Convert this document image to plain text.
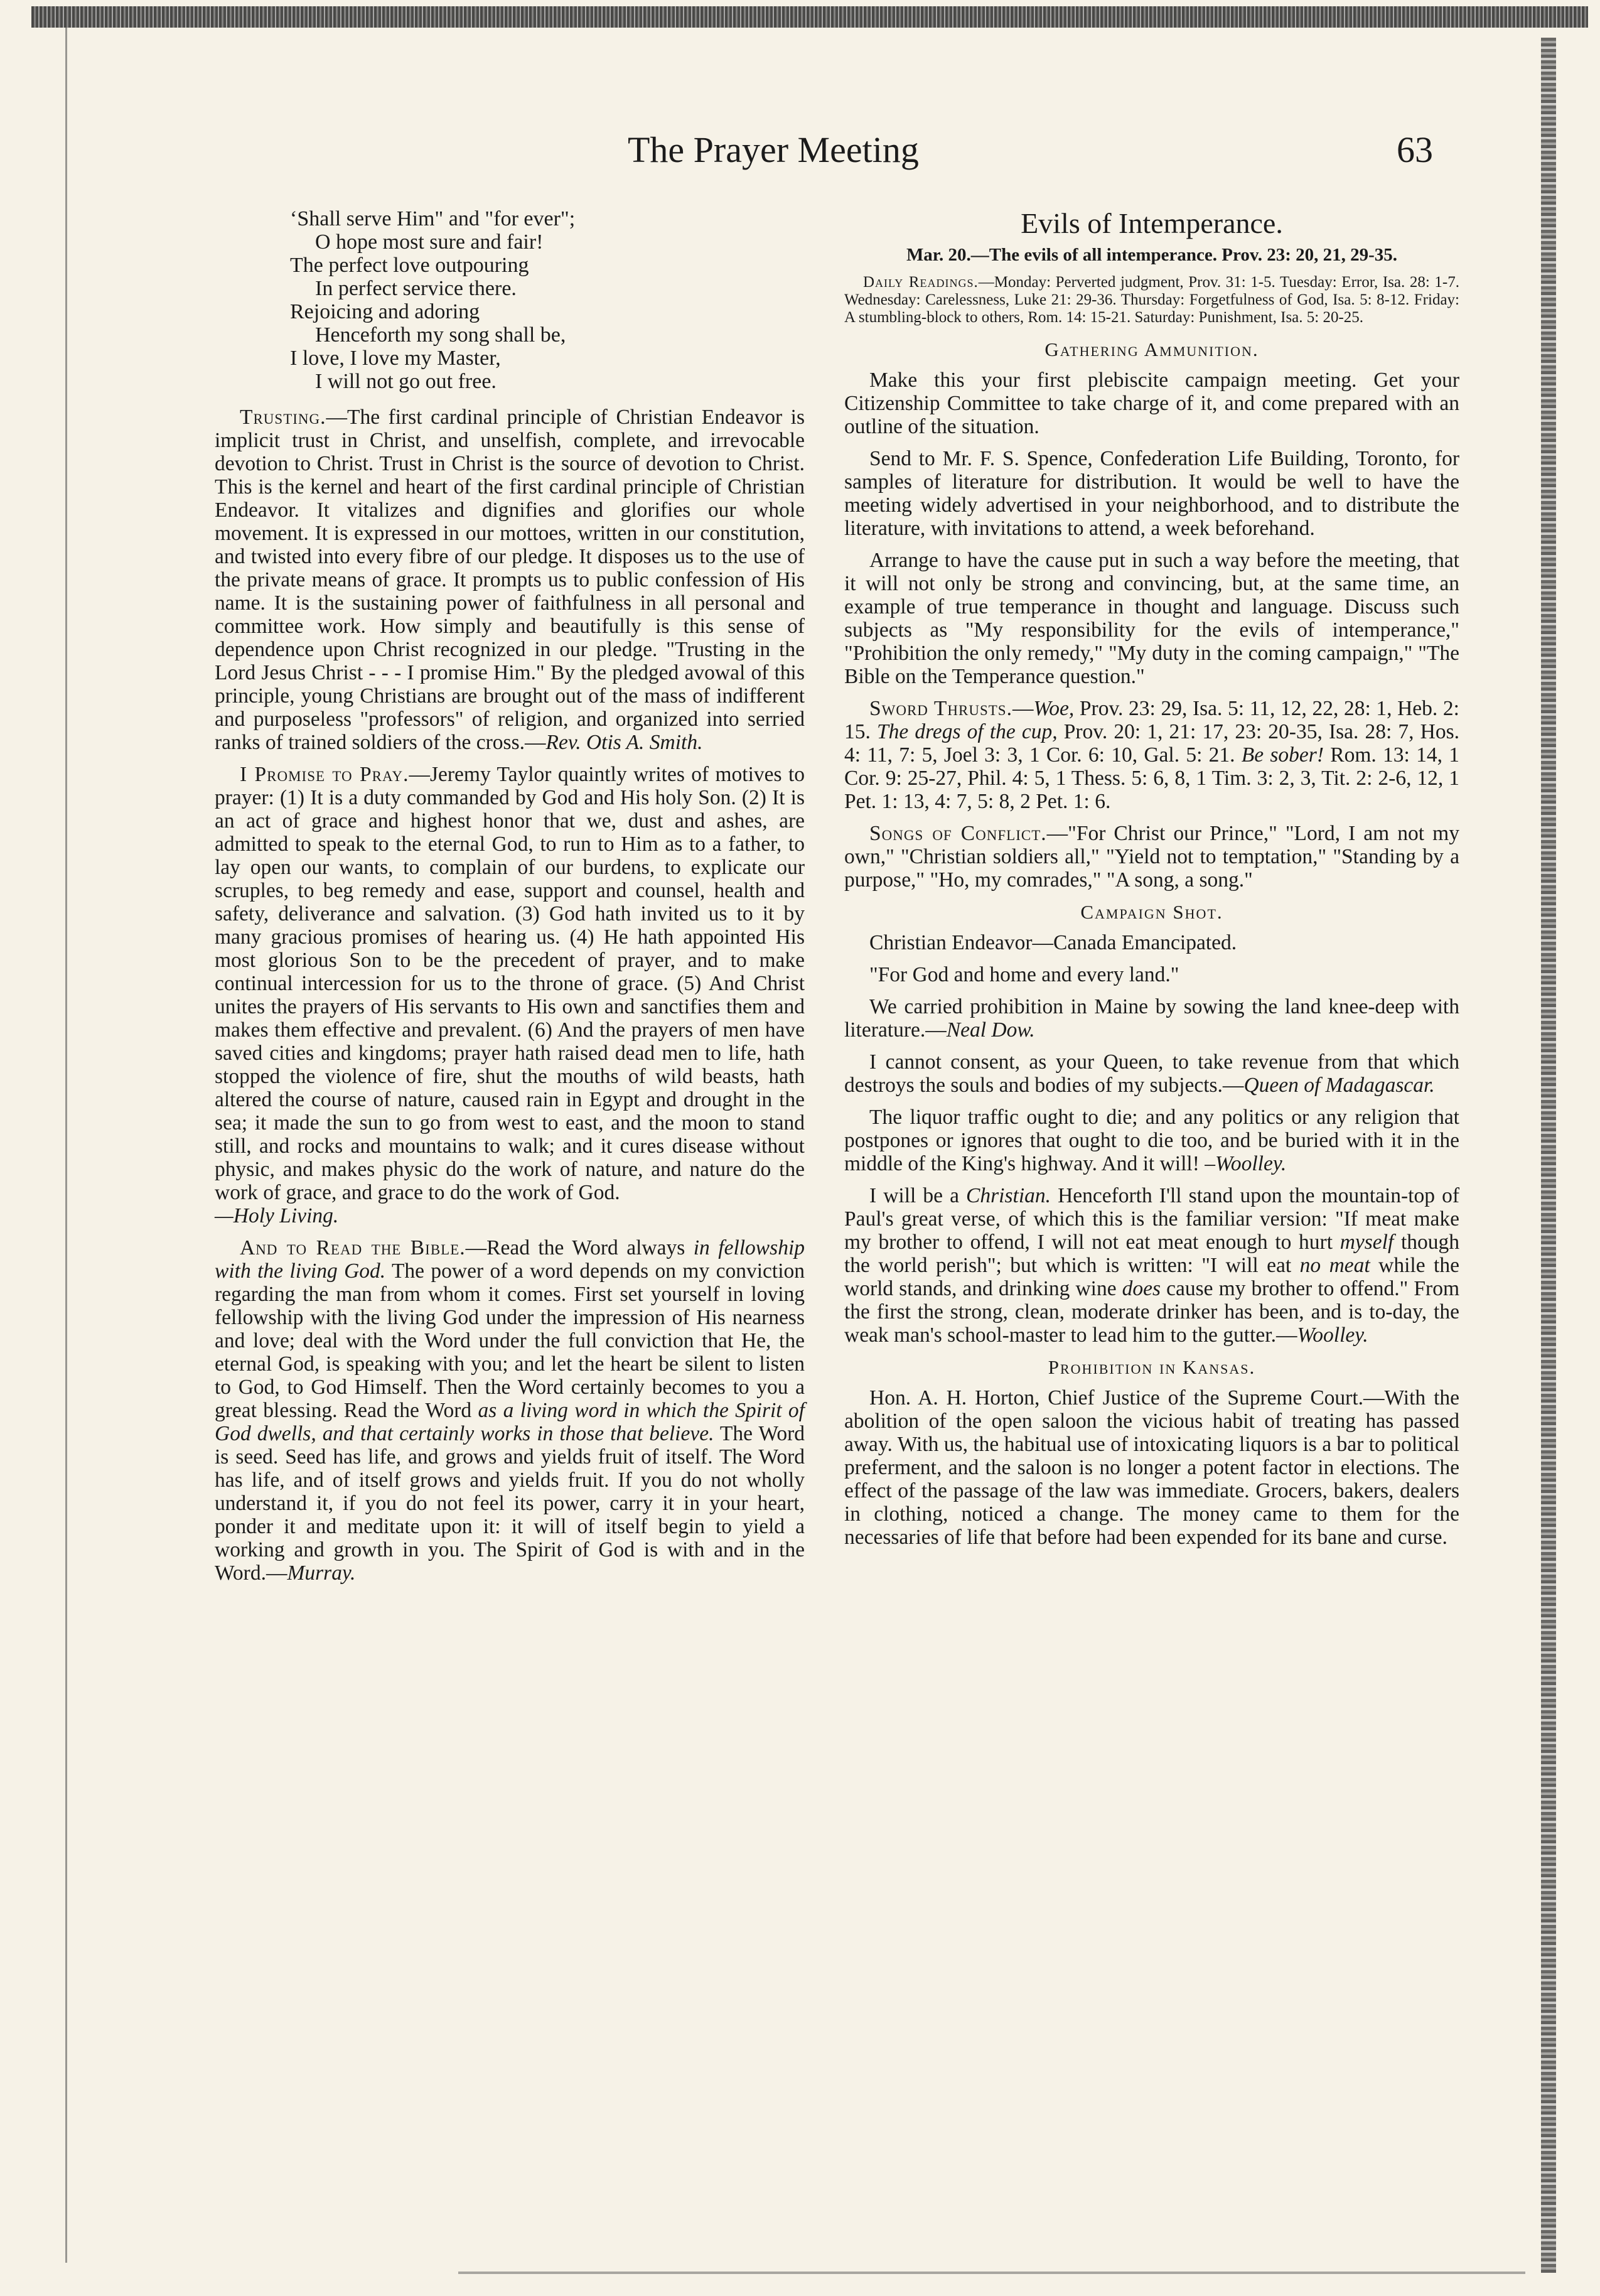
The Prayer Meeting	63
‘Shall serve Him" and "for ever";
O hope most sure and fair!
The perfect love outpouring
In perfect service there.
Rejoicing and adoring
Henceforth my song shall be,
I love, I love my Master,
I will not go out free.

Trusting.—The first cardinal principle of Christian Endeavor is implicit trust in Christ, and unselfish, complete, and irrevocable devotion to Christ. Trust in Christ is the source of devotion to Christ. This is the kernel and heart of the first cardinal principle of Christian Endeavor. It vitalizes and dignifies and glorifies our whole movement. It is expressed in our mottoes, written in our constitution, and twisted into every fibre of our pledge. It disposes us to the use of the private means of grace. It prompts us to public confession of His name. It is the sustaining power of faithfulness in all personal and committee work. How simply and beautifully is this sense of dependence upon Christ recognized in our pledge. "Trusting in the Lord Jesus Christ - - - I promise Him." By the pledged avowal of this principle, young Christians are brought out of the mass of indifferent and purposeless "professors" of religion, and organized into serried ranks of trained soldiers of the cross.—Rev. Otis A. Smith.

I Promise to Pray.—Jeremy Taylor quaintly writes of motives to prayer: (1) It is a duty commanded by God and His holy Son. (2) It is an act of grace and highest honor that we, dust and ashes, are admitted to speak to the eternal God, to run to Him as to a father, to lay open our wants, to complain of our burdens, to explicate our scruples, to beg remedy and ease, support and counsel, health and safety, deliverance and salvation. (3) God hath invited us to it by many gracious promises of hearing us. (4) He hath appointed His most glorious Son to be the precedent of prayer, and to make continual intercession for us to the throne of grace. (5) And Christ unites the prayers of His servants to His own and sanctifies them and makes them effective and prevalent. (6) And the prayers of men have saved cities and kingdoms; prayer hath raised dead men to life, hath stopped the violence of fire, shut the mouths of wild beasts, hath altered the course of nature, caused rain in Egypt and drought in the sea; it made the sun to go from west to east, and the moon to stand still, and rocks and mountains to walk; and it cures disease without physic, and makes physic do the work of nature, and nature do the work of grace, and grace to do the work of God.
—Holy Living.

And to Read the Bible.—Read the Word always in fellowship with the living God. The power of a word depends on my conviction regarding the man from whom it comes. First set yourself in loving fellowship with the living God under the impression of His nearness and love; deal with the Word under the full conviction that He, the eternal God, is speaking with you; and let the heart be silent to listen to God, to God Himself. Then the Word certainly becomes to you a great blessing. Read the Word as a living word in which the Spirit of God dwells, and that certainly works in those that believe. The Word is seed. Seed has life, and grows and yields fruit of itself. The Word has life, and of itself grows and yields fruit. If you do not wholly understand it, if you do not feel its power, carry it in your heart, ponder it and meditate upon it: it will of itself begin to yield a working and growth in you. The Spirit of God is with and in the Word.—Murray.

Evils of Intemperance.
Mar. 20.—The evils of all intemperance. Prov. 23: 20, 21, 29-35.
Daily Readings.—Monday: Perverted judgment, Prov. 31: 1-5. Tuesday: Error, Isa. 28: 1-7. Wednesday: Carelessness, Luke 21: 29-36. Thursday: Forgetfulness of God, Isa. 5: 8-12. Friday: A stumbling-block to others, Rom. 14: 15-21. Saturday: Punishment, Isa. 5: 20-25.
Gathering Ammunition.

Make this your first plebiscite campaign meeting. Get your Citizenship Committee to take charge of it, and come prepared with an outline of the situation.

Send to Mr. F. S. Spence, Confederation Life Building, Toronto, for samples of literature for distribution. It would be well to have the meeting widely advertised in your neighborhood, and to distribute the literature, with invitations to attend, a week beforehand.

Arrange to have the cause put in such a way before the meeting, that it will not only be strong and convincing, but, at the same time, an example of true temperance in thought and language. Discuss such subjects as "My responsibility for the evils of intemperance," "Prohibition the only remedy," "My duty in the coming campaign," "The Bible on the Temperance question."

Sword Thrusts.—Woe, Prov. 23: 29, Isa. 5: 11, 12, 22, 28: 1, Heb. 2: 15. The dregs of the cup, Prov. 20: 1, 21: 17, 23: 20-35, Isa. 28: 7, Hos. 4: 11, 7: 5, Joel 3: 3, 1 Cor. 6: 10, Gal. 5: 21. Be sober! Rom. 13: 14, 1 Cor. 9: 25-27, Phil. 4: 5, 1 Thess. 5: 6, 8, 1 Tim. 3: 2, 3, Tit. 2: 2-6, 12, 1 Pet. 1: 13, 4: 7, 5: 8, 2 Pet. 1: 6.

Songs of Conflict.—"For Christ our Prince," "Lord, I am not my own," "Christian soldiers all," "Yield not to temptation," "Standing by a purpose," "Ho, my comrades," "A song, a song."

Campaign Shot.

Christian Endeavor—Canada Emancipated.

"For God and home and every land."

We carried prohibition in Maine by sowing the land knee-deep with literature.—Neal Dow.

I cannot consent, as your Queen, to take revenue from that which destroys the souls and bodies of my subjects.—Queen of Madagascar.

The liquor traffic ought to die; and any politics or any religion that postpones or ignores that ought to die too, and be buried with it in the middle of the King's highway. And it will! –Woolley.

I will be a Christian. Henceforth I'll stand upon the mountain-top of Paul's great verse, of which this is the familiar version: "If meat make my brother to offend, I will not eat meat enough to hurt myself though the world perish"; but which is written: "I will eat no meat while the world stands, and drinking wine does cause my brother to offend." From the first the strong, clean, moderate drinker has been, and is to-day, the weak man's school-master to lead him to the gutter.—Woolley.

Prohibition in Kansas.

Hon. A. H. Horton, Chief Justice of the Supreme Court.—With the abolition of the open saloon the vicious habit of treating has passed away. With us, the habitual use of intoxicating liquors is a bar to political preferment, and the saloon is no longer a potent factor in elections. The effect of the passage of the law was immediate. Grocers, bakers, dealers in clothing, noticed a change. The money came to them for the necessaries of life that before had been expended for its bane and curse.
